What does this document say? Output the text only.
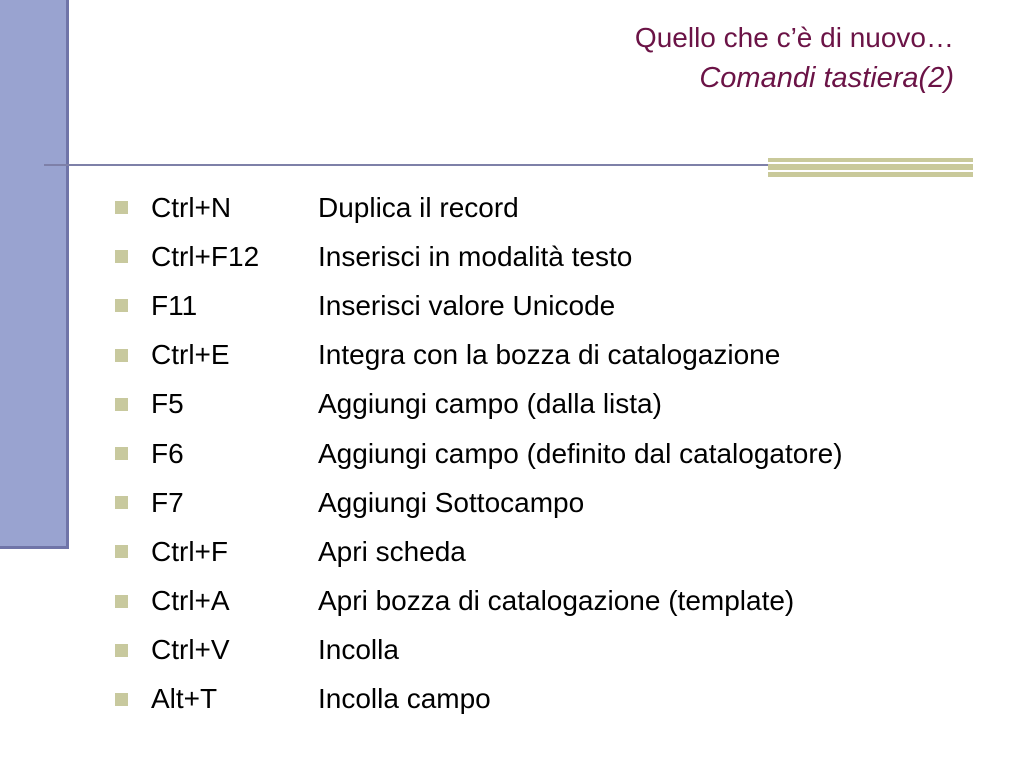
Quello che c’è di nuovo…
Comandi tastiera(2)
Ctrl+N	Duplica il record
Ctrl+F12	Inserisci in modalità testo
F11	Inserisci valore Unicode
Ctrl+E	Integra con la bozza di catalogazione
F5	Aggiungi campo (dalla lista)
F6	Aggiungi campo (definito dal catalogatore)
F7	Aggiungi Sottocampo
Ctrl+F	Apri scheda
Ctrl+A	Apri bozza di catalogazione (template)
Ctrl+V	Incolla
Alt+T	Incolla campo
